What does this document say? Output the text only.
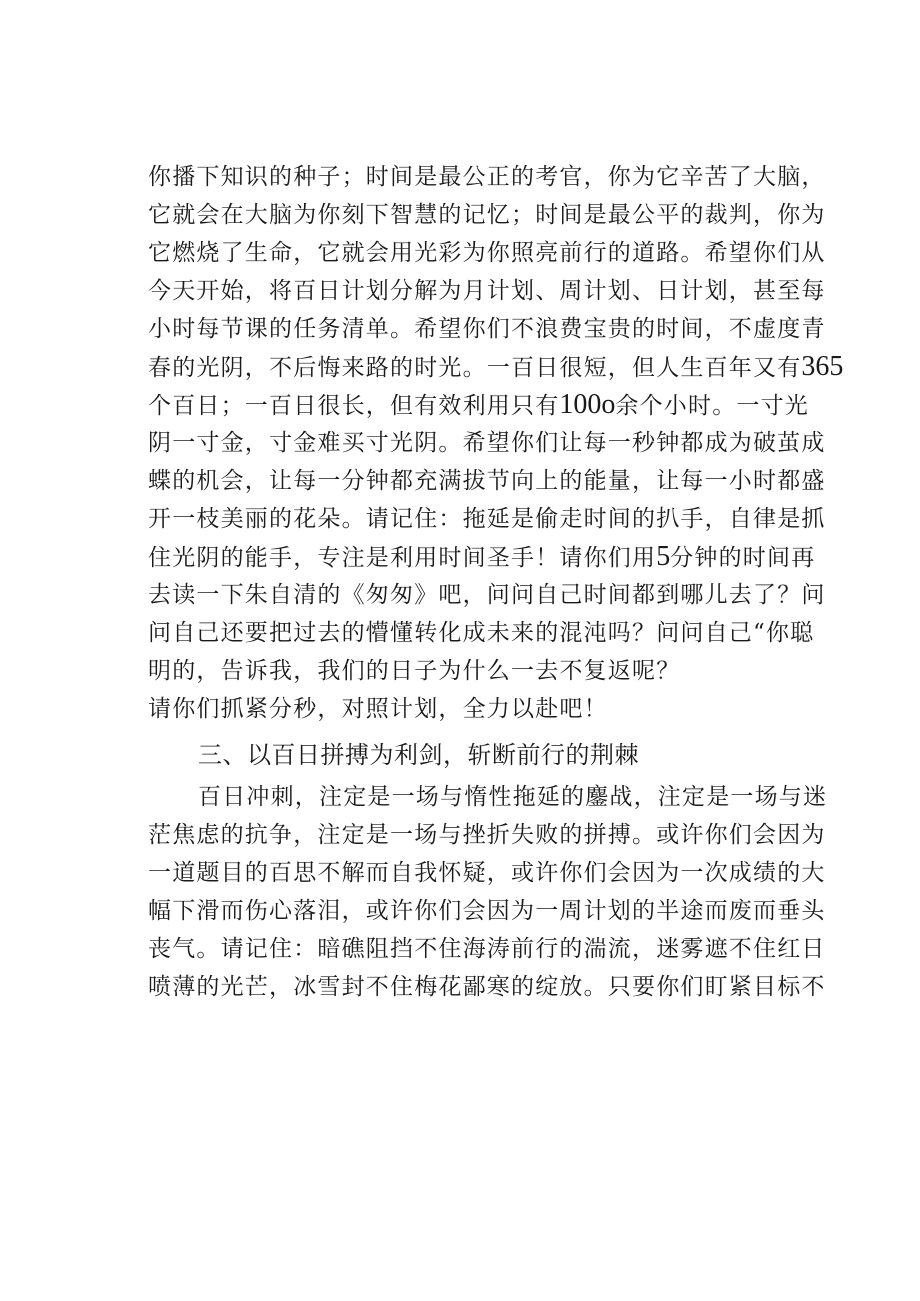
你播下知识的种子；时间是最公正的考官，你为它辛苦了大脑，
它就会在大脑为你刻下智慧的记忆；时间是最公平的裁判，你为
它燃烧了生命，它就会用光彩为你照亮前行的道路。希望你们从
今天开始，将百日计划分解为月计划、周计划、日计划，甚至每
小时每节课的任务清单。希望你们不浪费宝贵的时间，不虚度青
春的光阴，不后悔来路的时光。一百日很短，但人生百年又有365
个百日；一百日很长，但有效利用只有100o余个小时。一寸光
阴一寸金，寸金难买寸光阴。希望你们让每一秒钟都成为破茧成
蝶的机会，让每一分钟都充满拔节向上的能量，让每一小时都盛
开一枝美丽的花朵。请记住：拖延是偷走时间的扒手，自律是抓
住光阴的能手，专注是利用时间圣手！请你们用5分钟的时间再
去读一下朱自清的《匆匆》吧，问问自己时间都到哪儿去了？问
问自己还要把过去的懵懂转化成未来的混沌吗？问问自己“你聪
明的，告诉我，我们的日子为什么一去不复返呢？
请你们抓紧分秒，对照计划，全力以赴吧！
三、以百日拼搏为利剑，斩断前行的荆棘
百日冲刺，注定是一场与惰性拖延的鏖战，注定是一场与迷
茫焦虑的抗争，注定是一场与挫折失败的拼搏。或许你们会因为
一道题目的百思不解而自我怀疑，或许你们会因为一次成绩的大
幅下滑而伤心落泪，或许你们会因为一周计划的半途而废而垂头
丧气。请记住：暗礁阻挡不住海涛前行的湍流，迷雾遮不住红日
喷薄的光芒，冰雪封不住梅花鄙寒的绽放。只要你们盯紧目标不
